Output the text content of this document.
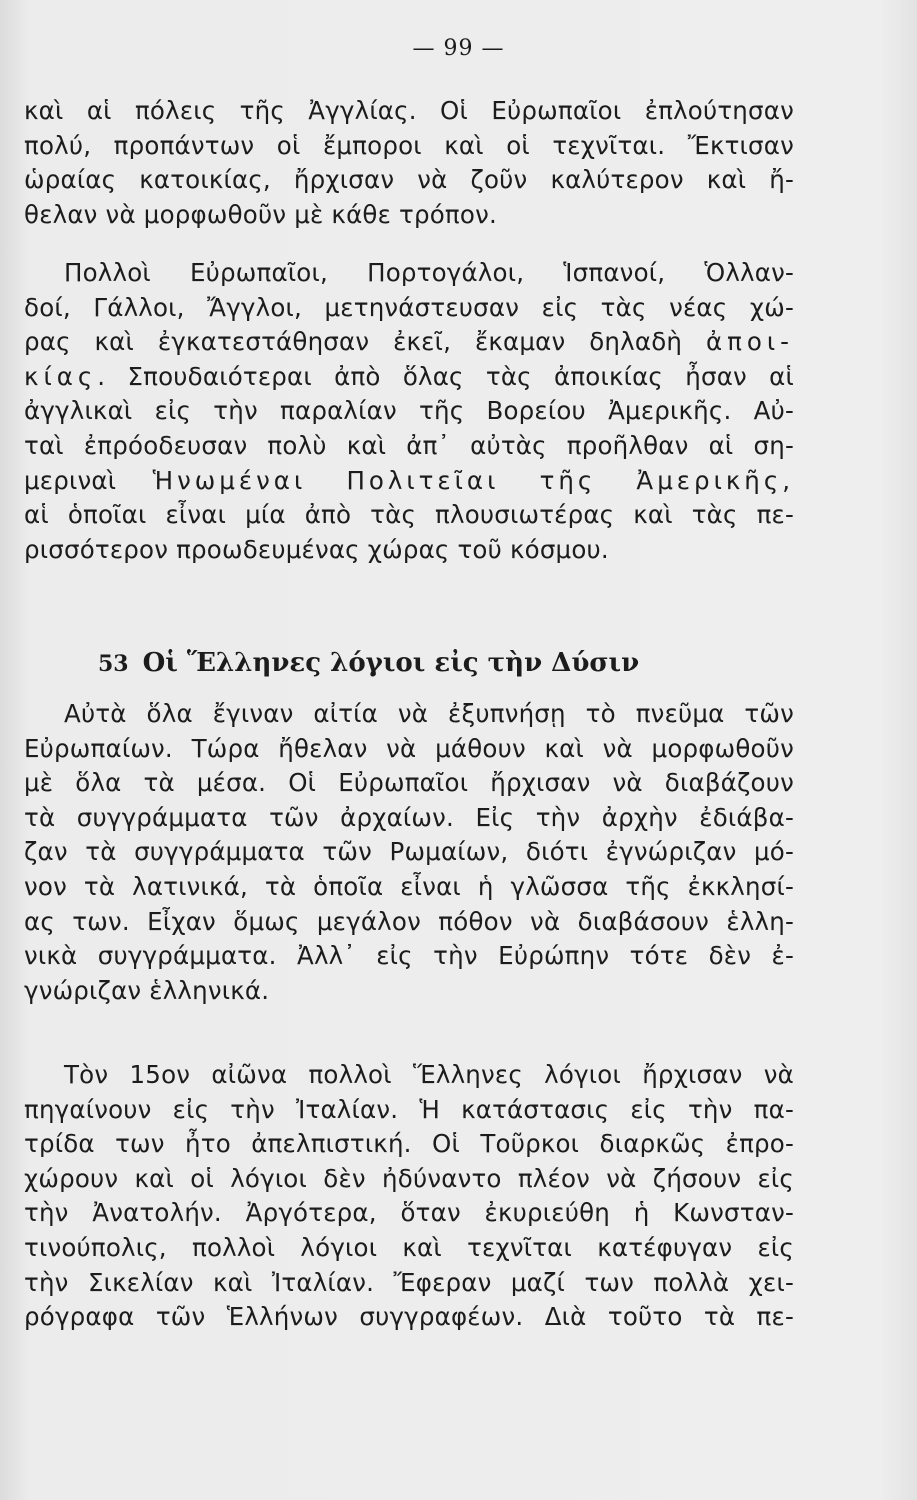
— 99 —
καὶ αἱ πόλεις τῆς Ἀγγλίας. Οἱ Εὐρωπαῖοι ἐπλούτησαν
πολύ, προπάντων οἱ ἔμποροι καὶ οἱ τεχνῖται. Ἔκτισαν
ὡραίας κατοικίας, ἤρχισαν νὰ ζοῦν καλύτερον καὶ ἤ-
θελαν νὰ μορφωθοῦν μὲ κάθε τρόπον.
Πολλοὶ Εὐρωπαῖοι, Πορτογάλοι, Ἱσπανοί, Ὁλλαν-
δοί, Γάλλοι, Ἄγγλοι, μετηνάστευσαν εἰς τὰς νέας χώ-
ρας καὶ ἐγκατεστάθησαν ἐκεῖ, ἔκαμαν δηλαδὴ ἀποι-
κίας. Σπουδαιότεραι ἀπὸ ὅλας τὰς ἀποικίας ἦσαν αἱ
ἀγγλικαὶ εἰς τὴν παραλίαν τῆς Βορείου Ἀμερικῆς. Αὐ-
ταὶ ἐπρόοδευσαν πολὺ καὶ ἀπ᾽ αὐτὰς προῆλθαν αἱ ση-
μεριναὶ Ἡνωμέναι Πολιτεῖαι τῆς Ἀμερικῆς,
αἱ ὁποῖαι εἶναι μία ἀπὸ τὰς πλουσιωτέρας καὶ τὰς πε-
ρισσότερον προωδευμένας χώρας τοῦ κόσμου.
53 Οἱ Ἕλληνες λόγιοι εἰς τὴν Δύσιν
Αὐτὰ ὅλα ἔγιναν αἰτία νὰ ἐξυπνήσῃ τὸ πνεῦμα τῶν
Εὐρωπαίων. Τώρα ἤθελαν νὰ μάθουν καὶ νὰ μορφωθοῦν
μὲ ὅλα τὰ μέσα. Οἱ Εὐρωπαῖοι ἤρχισαν νὰ διαβάζουν
τὰ συγγράμματα τῶν ἀρχαίων. Εἰς τὴν ἀρχὴν ἐδιάβα-
ζαν τὰ συγγράμματα τῶν Ρωμαίων, διότι ἐγνώριζαν μό-
νον τὰ λατινικά, τὰ ὁποῖα εἶναι ἡ γλῶσσα τῆς ἐκκλησί-
ας των. Εἶχαν ὅμως μεγάλον πόθον νὰ διαβάσουν ἑλλη-
νικὰ συγγράμματα. Ἀλλ᾽ εἰς τὴν Εὐρώπην τότε δὲν ἐ-
γνώριζαν ἑλληνικά.
Τὸν 15ον αἰῶνα πολλοὶ Ἕλληνες λόγιοι ἤρχισαν νὰ
πηγαίνουν εἰς τὴν Ἰταλίαν. Ἡ κατάστασις εἰς τὴν πα-
τρίδα των ἦτο ἀπελπιστική. Οἱ Τοῦρκοι διαρκῶς ἐπρο-
χώρουν καὶ οἱ λόγιοι δὲν ἠδύναντο πλέον νὰ ζήσουν εἰς
τὴν Ἀνατολήν. Ἀργότερα, ὅταν ἐκυριεύθη ἡ Κωνσταν-
τινούπολις, πολλοὶ λόγιοι καὶ τεχνῖται κατέφυγαν εἰς
τὴν Σικελίαν καὶ Ἰταλίαν. Ἔφεραν μαζί των πολλὰ χει-
ρόγραφα τῶν Ἑλλήνων συγγραφέων. Διὰ τοῦτο τὰ πε-
